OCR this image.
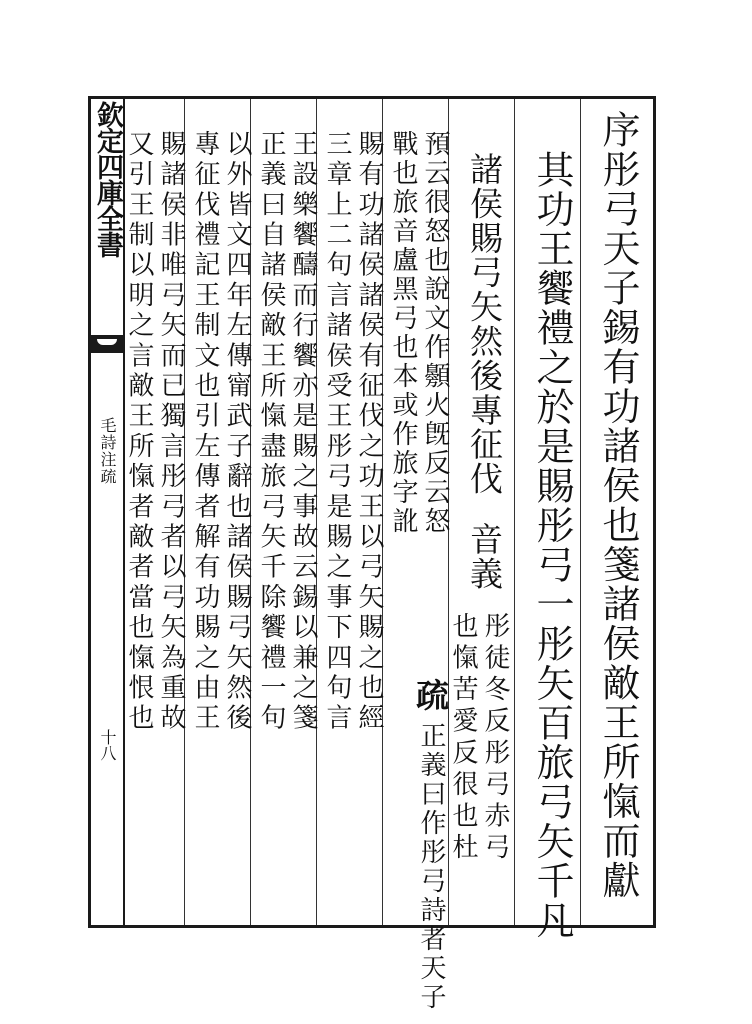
欽定四庫全書
毛詩注疏
十八	序彤弓天子錫有功諸侯也箋諸侯敵王所愾而獻
其功王饗禮之於是賜彤弓一彤矢百旅弓矢千凡
諸侯賜弓矢然後專征伐
音義
彤徒冬反彤弓赤弓
也愾苦愛反很也杜
疏
正義曰作彤弓詩者天子
預云很怒也說文作䫵火旣反云怒
戰也旅音盧黑弓也本或作旅字訛
賜有功諸侯諸侯有征伐之功王以弓矢賜之也經
三章上二句言諸侯受王彤弓是賜之事下四句言
王設樂饗醻而行饗亦是賜之事故云錫以兼之箋
正義曰自諸侯敵王所愾盡旅弓矢千除饗禮一句
以外皆文四年左傳甯武子辭也諸侯賜弓矢然後
專征伐禮記王制文也引左傳者解有功賜之由王
賜諸侯非唯弓矢而已獨言彤弓者以弓矢為重故
又引王制以明之言敵王所愾者敵者當也愾恨也
